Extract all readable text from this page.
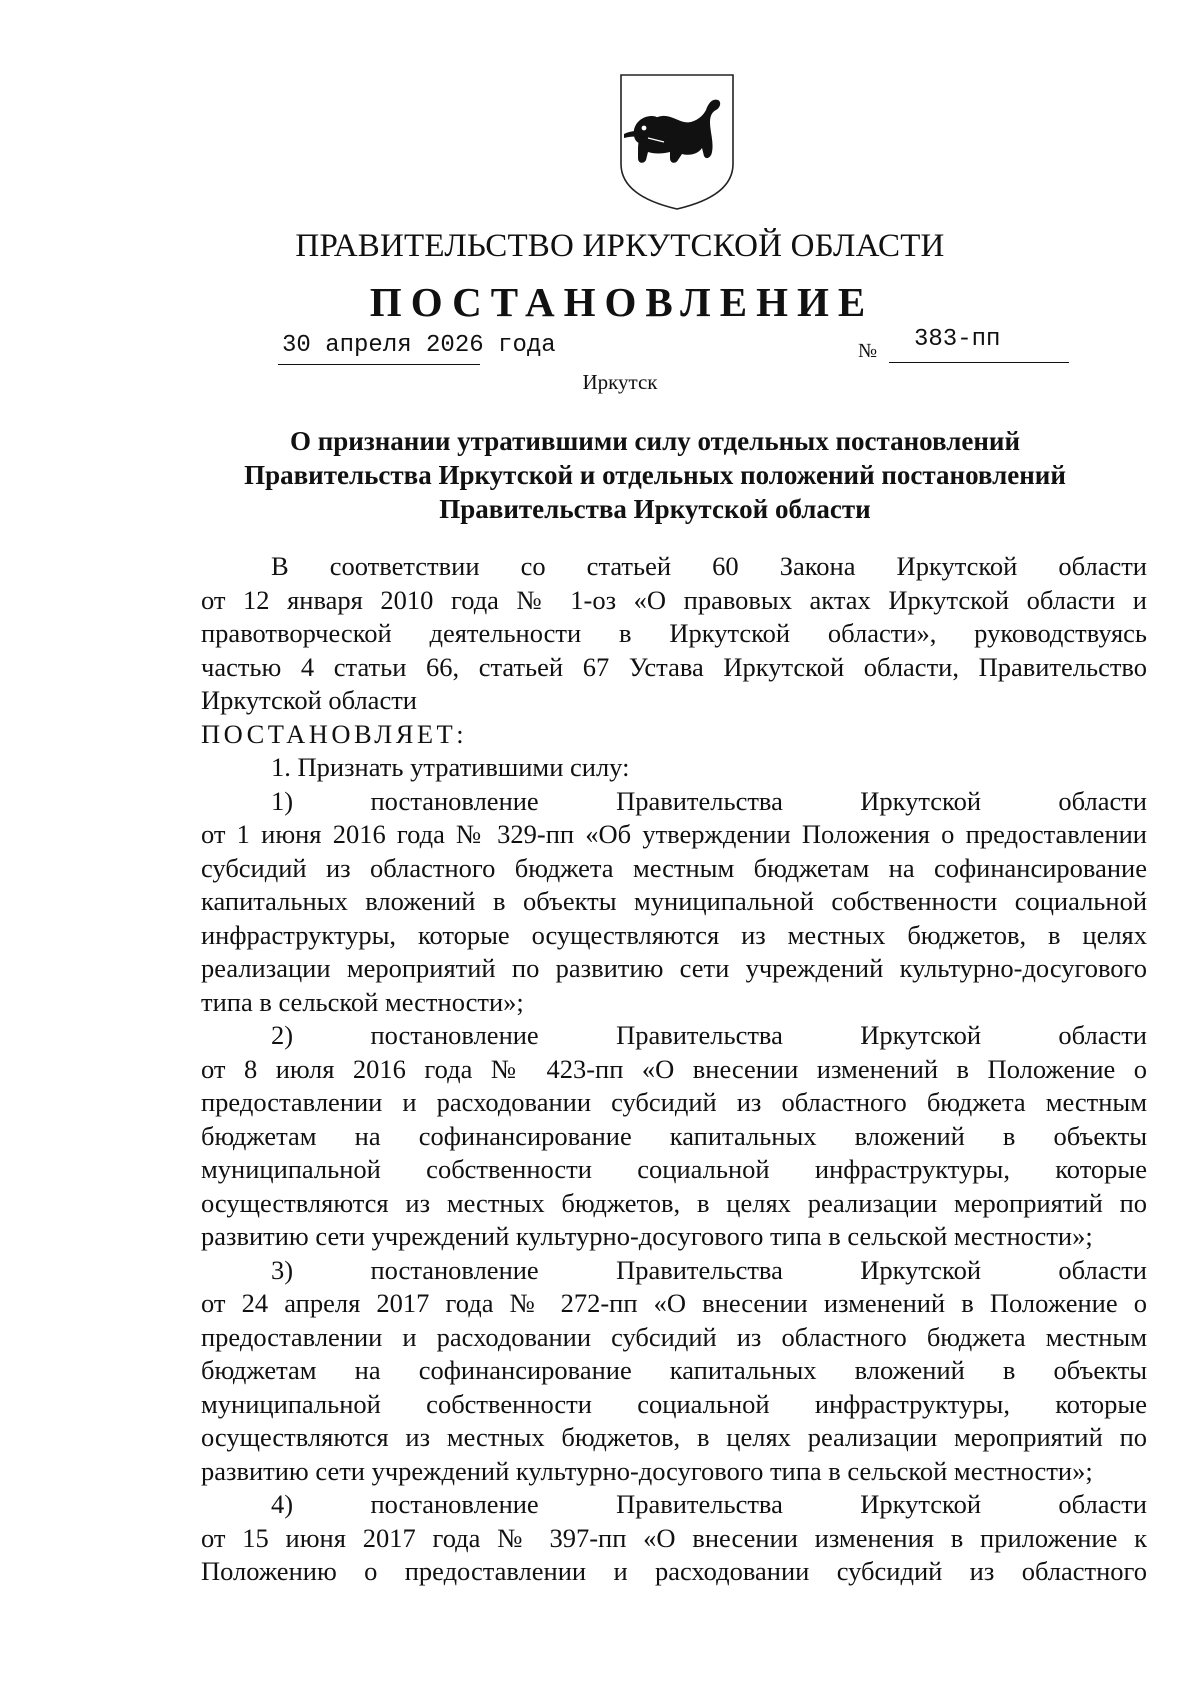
ПРАВИТЕЛЬСТВО ИРКУТСКОЙ ОБЛАСТИ
ПОСТАНОВЛЕНИЕ
30 апреля 2026 года	№ 383-пп
Иркутск
О признании утратившими силу отдельных постановлений
Правительства Иркутской и отдельных положений постановлений
Правительства Иркутской области

В соответствии со статьей 60 Закона Иркутской области

от 12 января 2010 года № 1-оз «О правовых актах Иркутской области и

правотворческой деятельности в Иркутской области», руководствуясь

частью 4 статьи 66, статьей 67 Устава Иркутской области, Правительство

Иркутской области

ПОСТАНОВЛЯЕТ:

1. Признать утратившими силу:

1) постановление Правительства Иркутской области

от 1 июня 2016 года № 329-пп «Об утверждении Положения о предоставлении

субсидий из областного бюджета местным бюджетам на софинансирование

капитальных вложений в объекты муниципальной собственности социальной

инфраструктуры, которые осуществляются из местных бюджетов, в целях

реализации мероприятий по развитию сети учреждений культурно-досугового

типа в сельской местности»;

2) постановление Правительства Иркутской области

от 8 июля 2016 года № 423-пп «О внесении изменений в Положение о

предоставлении и расходовании субсидий из областного бюджета местным

бюджетам на софинансирование капитальных вложений в объекты

муниципальной собственности социальной инфраструктуры, которые

осуществляются из местных бюджетов, в целях реализации мероприятий по

развитию сети учреждений культурно-досугового типа в сельской местности»;

3) постановление Правительства Иркутской области

от 24 апреля 2017 года № 272-пп «О внесении изменений в Положение о

предоставлении и расходовании субсидий из областного бюджета местным

бюджетам на софинансирование капитальных вложений в объекты

муниципальной собственности социальной инфраструктуры, которые

осуществляются из местных бюджетов, в целях реализации мероприятий по

развитию сети учреждений культурно-досугового типа в сельской местности»;

4) постановление Правительства Иркутской области

от 15 июня 2017 года № 397-пп «О внесении изменения в приложение к

Положению о предоставлении и расходовании субсидий из областного
